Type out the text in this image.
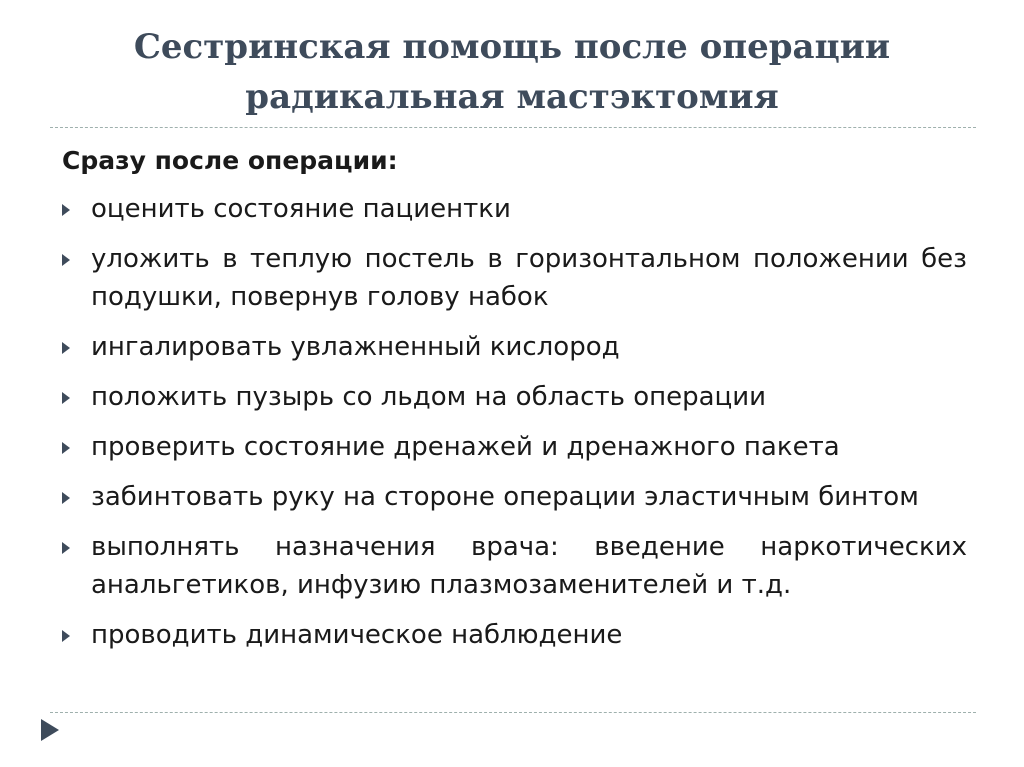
Сестринская помощь после операции
радикальная мастэктомия
Сразу после операции:
оценить состояние пациентки
уложить в теплую постель в горизонтальном положении без подушки, повернув голову набок
ингалировать увлажненный кислород
положить пузырь со льдом на область операции
проверить состояние дренажей и дренажного пакета
забинтовать руку на стороне операции эластичным бинтом
выполнять назначения врача: введение наркотических анальгетиков, инфузию плазмозаменителей и т.д.
проводить динамическое наблюдение
